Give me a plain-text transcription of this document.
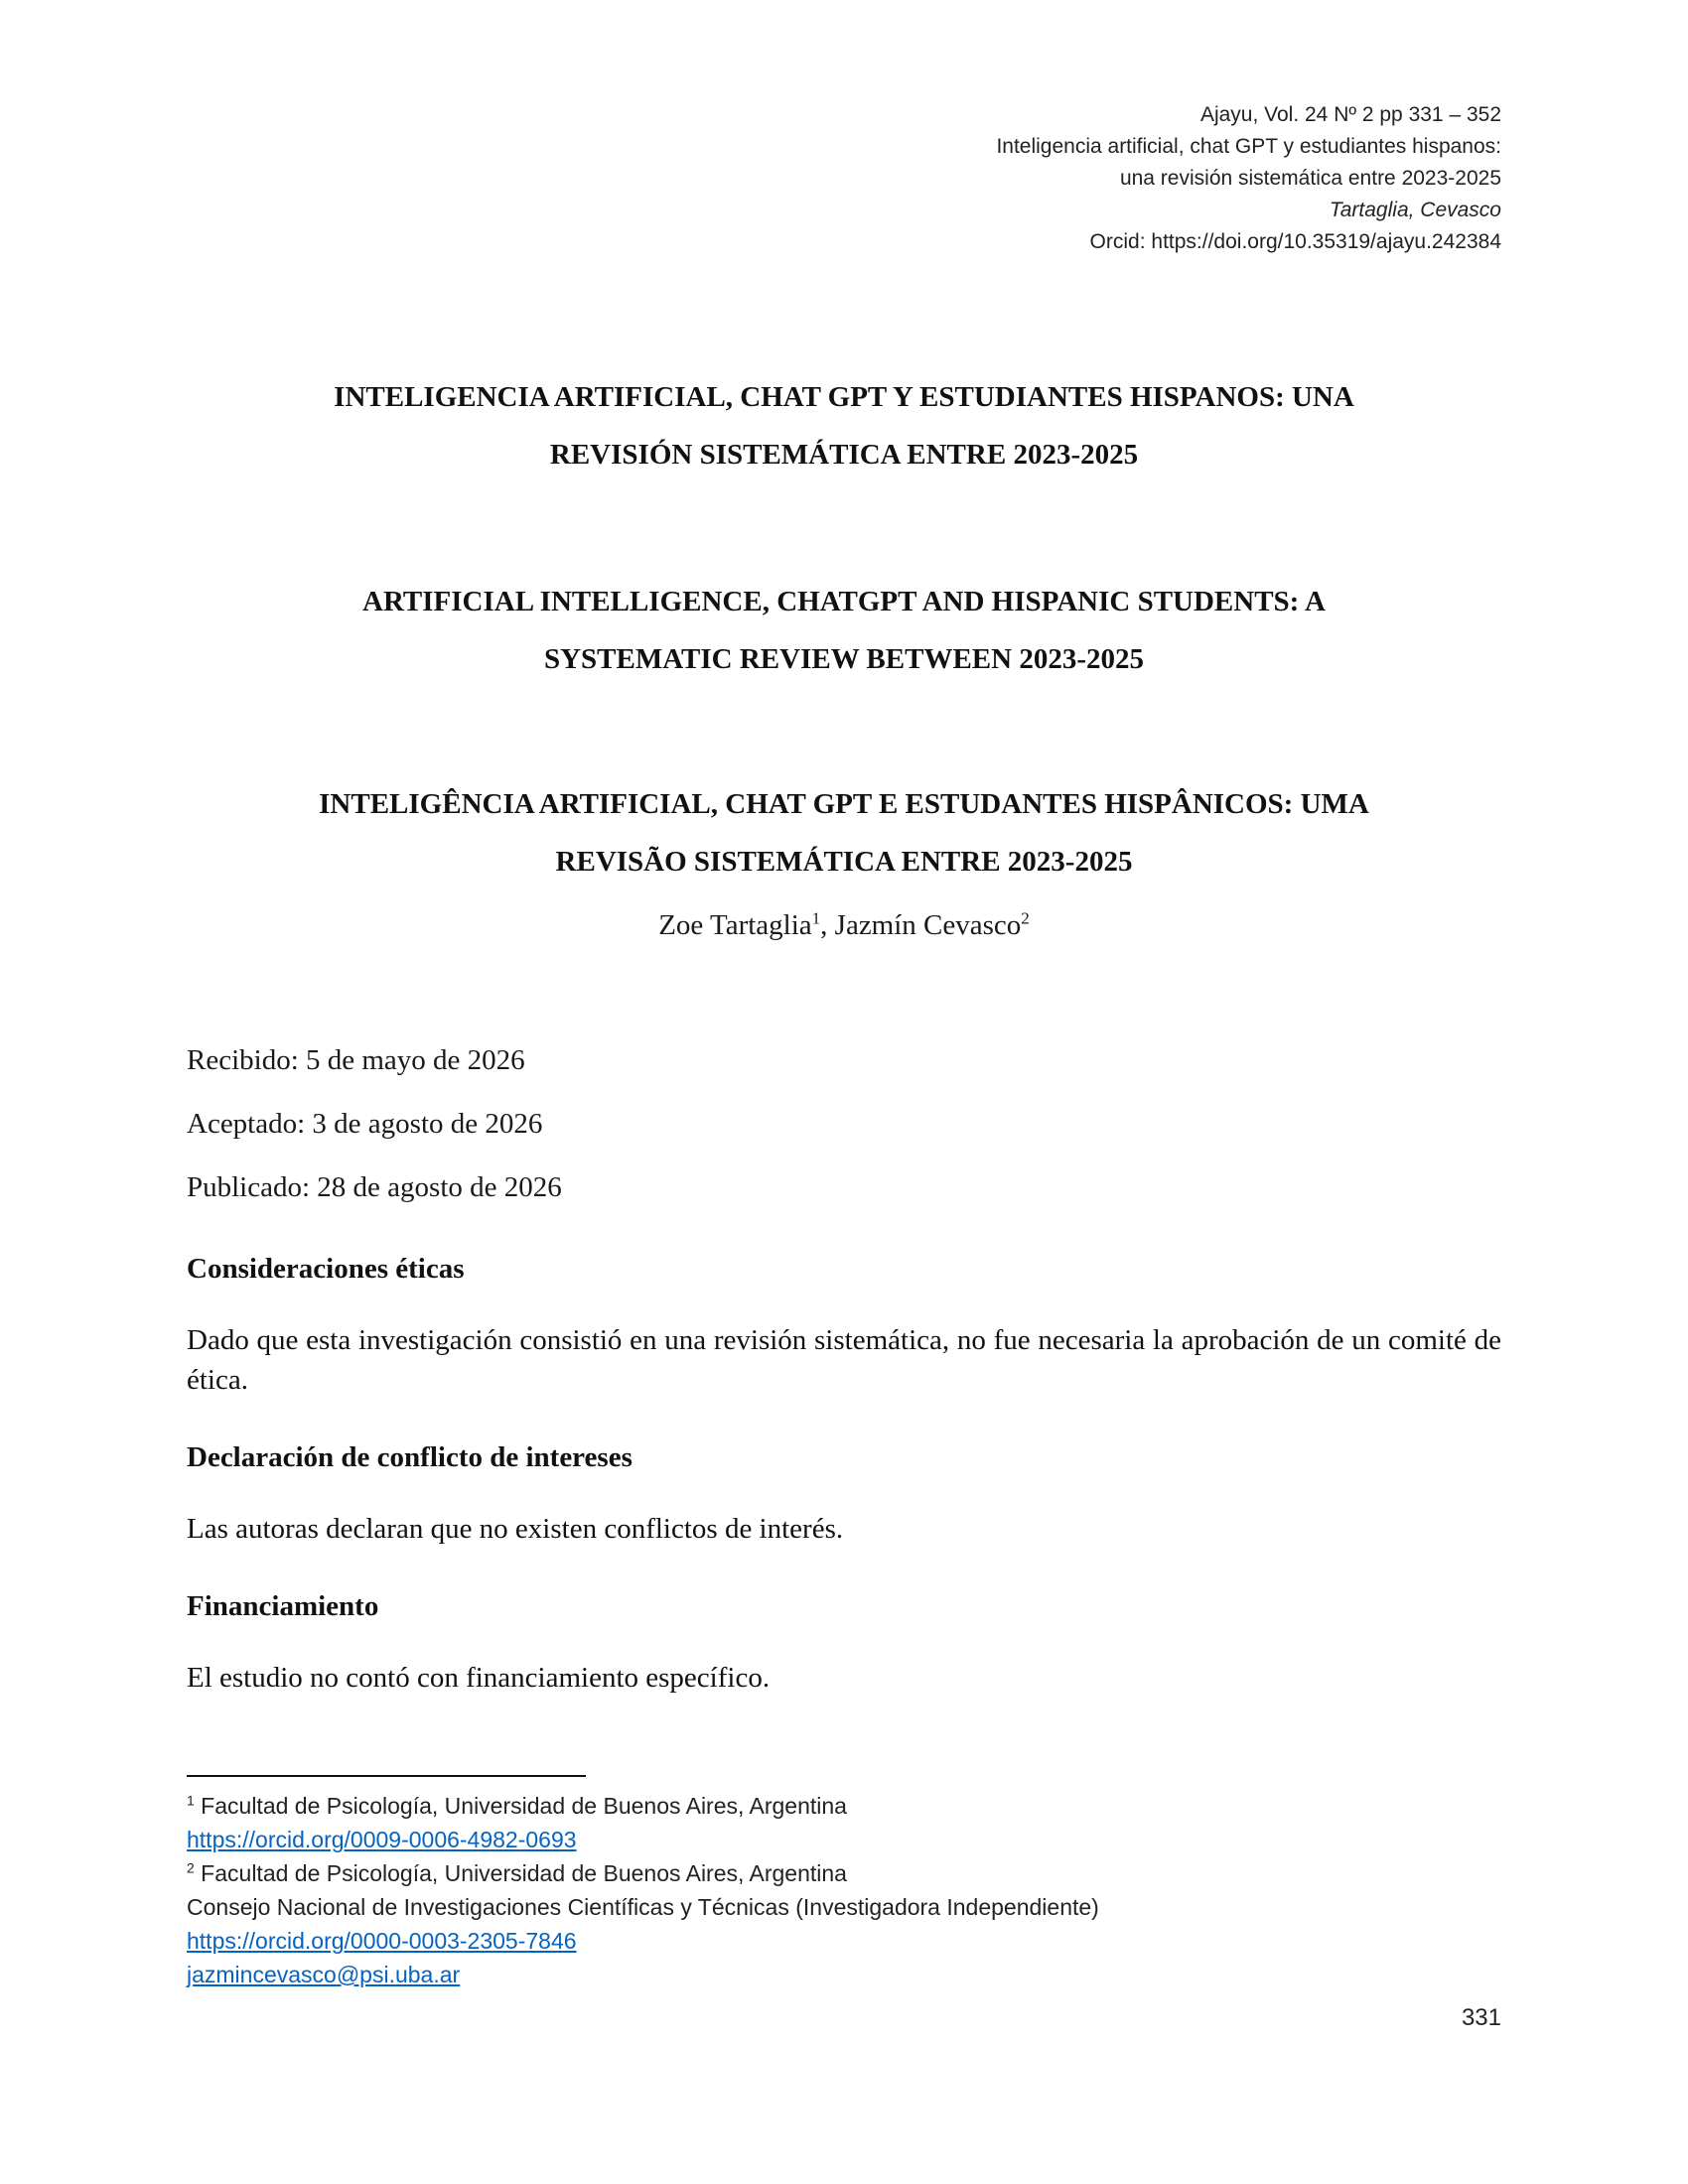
Ajayu, Vol. 24 Nº 2 pp 331 – 352
Inteligencia artificial, chat GPT y estudiantes hispanos:
una revisión sistemática entre 2023-2025
Tartaglia, Cevasco
Orcid: https://doi.org/10.35319/ajayu.242384
INTELIGENCIA ARTIFICIAL, CHAT GPT Y ESTUDIANTES HISPANOS: UNA
REVISIÓN SISTEMÁTICA ENTRE 2023-2025
ARTIFICIAL INTELLIGENCE, CHATGPT AND HISPANIC STUDENTS: A
SYSTEMATIC REVIEW BETWEEN 2023-2025
INTELIGÊNCIA ARTIFICIAL, CHAT GPT E ESTUDANTES HISPÂNICOS: UMA
REVISÃO SISTEMÁTICA ENTRE 2023-2025
Zoe Tartaglia$^1$, Jazmín Cevasco$^2$
Recibido: 5 de mayo de 2026
Aceptado: 3 de agosto de 2026
Publicado: 28 de agosto de 2026
Consideraciones éticas
Dado que esta investigación consistió en una revisión sistemática, no fue necesaria la aprobación de un comité de ética.
Declaración de conflicto de intereses
Las autoras declaran que no existen conflictos de interés.
Financiamiento
El estudio no contó con financiamiento específico.
$^1$ Facultad de Psicología, Universidad de Buenos Aires, Argentina
https://orcid.org/0009-0006-4982-0693
$^2$ Facultad de Psicología, Universidad de Buenos Aires, Argentina
Consejo Nacional de Investigaciones Científicas y Técnicas (Investigadora Independiente)
https://orcid.org/0000-0003-2305-7846
jazmincevasco@psi.uba.ar
331
